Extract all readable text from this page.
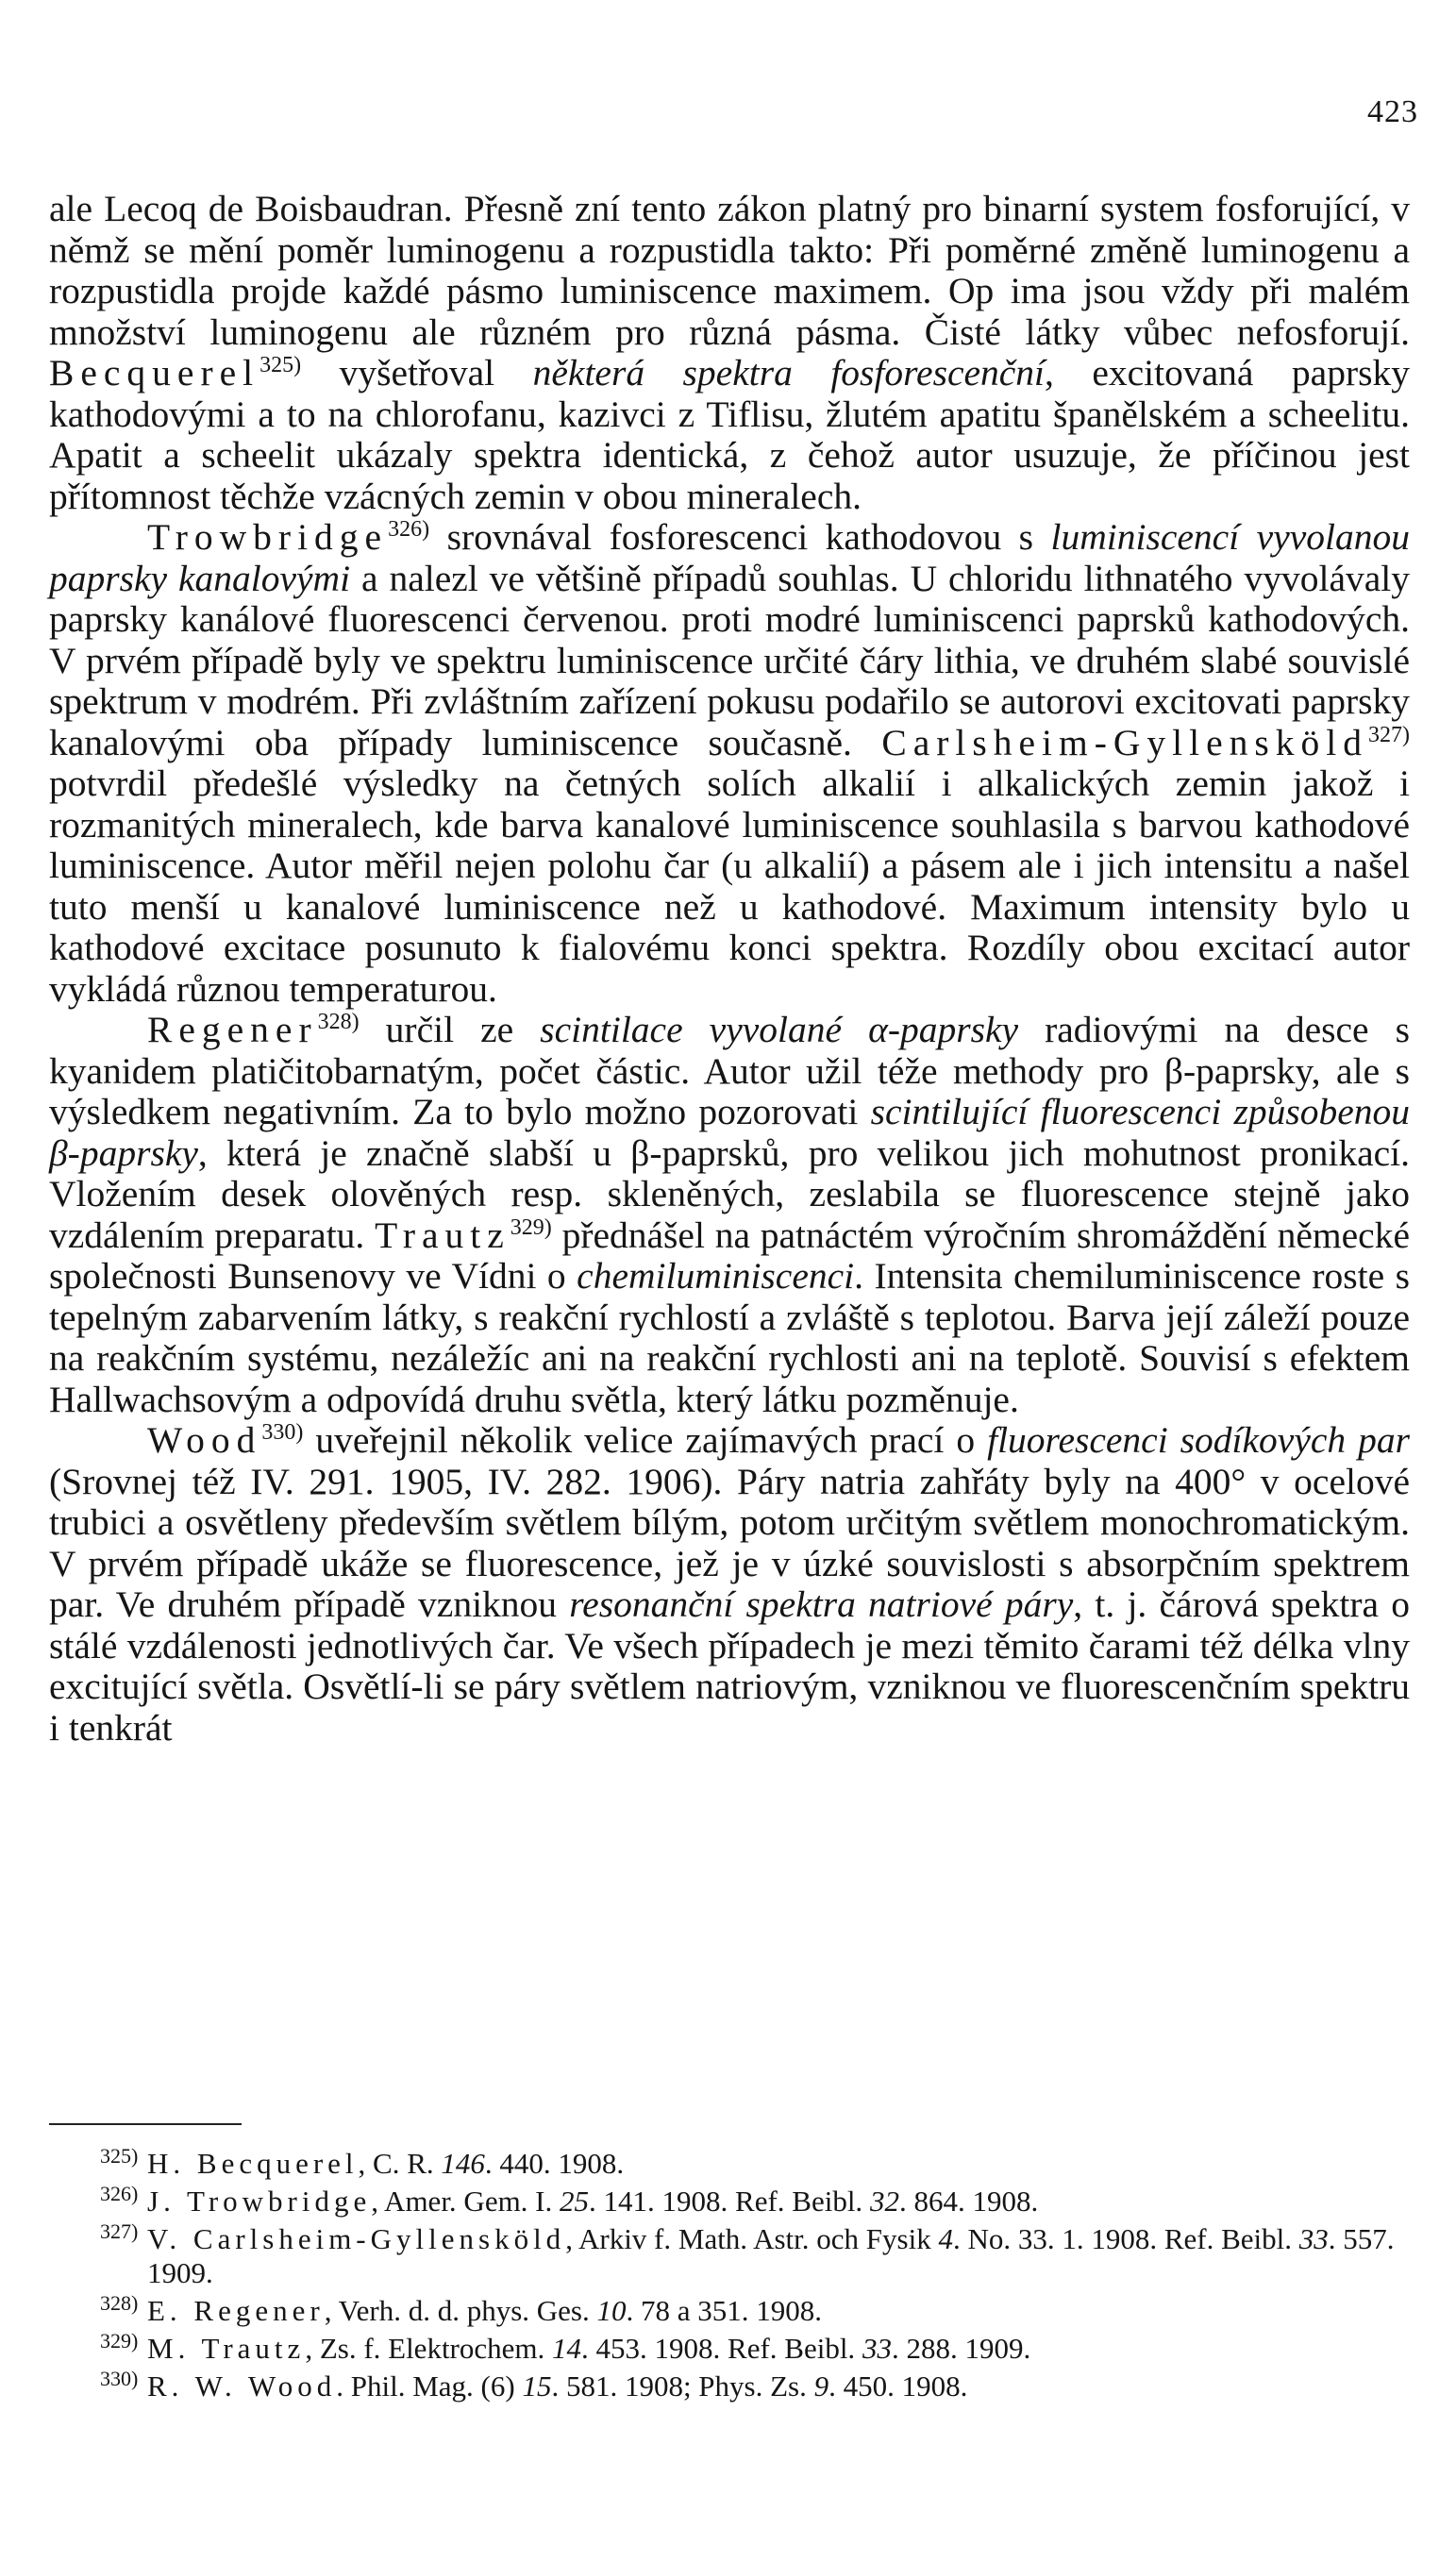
423

ale Lecoq de Boisbaudran. Přesně zní tento zákon platný pro binarní system fosforující, v němž se mění poměr luminogenu a rozpustidla takto: Při poměrné změně luminogenu a rozpustidla projde každé pásmo luminiscence maximem. Op ima jsou vždy při malém množství luminogenu ale různém pro různá pásma. Čisté látky vůbec nefosforují. Becquerel$^{325)}$ vyšetřoval některá spektra fosforescenční, excitovaná paprsky kathodovými a to na chlorofanu, kazivci z Tiflisu, žlutém apatitu španělském a scheelitu. Apatit a scheelit ukázaly spektra identická, z čehož autor usuzuje, že příčinou jest přítomnost těchže vzácných zemin v obou mineralech.

Trowbridge$^{326)}$ srovnával fosforescenci kathodovou s luminiscencí vyvolanou paprsky kanalovými a nalezl ve většině případů souhlas. U chloridu lithnatého vyvolávaly paprsky kanálové fluorescenci červenou. proti modré luminiscenci paprsků kathodových. V prvém případě byly ve spektru luminiscence určité čáry lithia, ve druhém slabé souvislé spektrum v modrém. Při zvláštním zařízení pokusu podařilo se autorovi excitovati paprsky kanalovými oba případy luminiscence současně. Carlsheim-Gyllensköld$^{327)}$ potvrdil předešlé výsledky na četných solích alkalií i alkalických zemin jakož i rozmanitých mineralech, kde barva kanalové luminiscence souhlasila s barvou kathodové luminiscence. Autor měřil nejen polohu čar (u alkalií) a pásem ale i jich intensitu a našel tuto menší u kanalové luminiscence než u kathodové. Maximum intensity bylo u kathodové excitace posunuto k fialovému konci spektra. Rozdíly obou excitací autor vykládá různou temperaturou.

Regener$^{328)}$ určil ze scintilace vyvolané α-paprsky radiovými na desce s kyanidem platičitobarnatým, počet částic. Autor užil téže methody pro β-paprsky, ale s výsledkem negativním. Za to bylo možno pozorovati scintilující fluorescenci způsobenou β-paprsky, která je značně slabší u β-paprsků, pro velikou jich mohutnost pronikací. Vložením desek olověných resp. skleněných, zeslabila se fluorescence stejně jako vzdálením preparatu. Trautz$^{329)}$ přednášel na patnáctém výročním shromáždění německé společnosti Bunsenovy ve Vídni o chemiluminiscenci. Intensita chemiluminiscence roste s tepelným zabarvením látky, s reakční rychlostí a zvláště s teplotou. Barva její záleží pouze na reakčním systému, nezáležíc ani na reakční rychlosti ani na teplotě. Souvisí s efektem Hallwachsovým a odpovídá druhu světla, který látku pozměnuje.

Wood$^{330)}$ uveřejnil několik velice zajímavých prací o fluorescenci sodíkových par (Srovnej též IV. 291. 1905, IV. 282. 1906). Páry natria zahřáty byly na 400° v ocelové trubici a osvětleny především světlem bílým, potom určitým světlem monochromatickým. V prvém případě ukáže se fluorescence, jež je v úzké souvislosti s absorpčním spektrem par. Ve druhém případě vzniknou resonanční spektra natriové páry, t. j. čárová spektra o stálé vzdálenosti jednotlivých čar. Ve všech případech je mezi těmito čarami též délka vlny excitující světla. Osvětlí-li se páry světlem natriovým, vzniknou ve fluorescenčním spektru i tenkrát

325) H. Becquerel, C. R. 146. 440. 1908.

326) J. Trowbridge, Amer. Gem. I. 25. 141. 1908. Ref. Beibl. 32. 864. 1908.

327) V. Carlsheim-Gyllensköld, Arkiv f. Math. Astr. och Fysik 4. No. 33. 1. 1908. Ref. Beibl. 33. 557. 1909.

328) E. Regener, Verh. d. d. phys. Ges. 10. 78 a 351. 1908.

329) M. Trautz, Zs. f. Elektrochem. 14. 453. 1908. Ref. Beibl. 33. 288. 1909.

330) R. W. Wood. Phil. Mag. (6) 15. 581. 1908; Phys. Zs. 9. 450. 1908.
